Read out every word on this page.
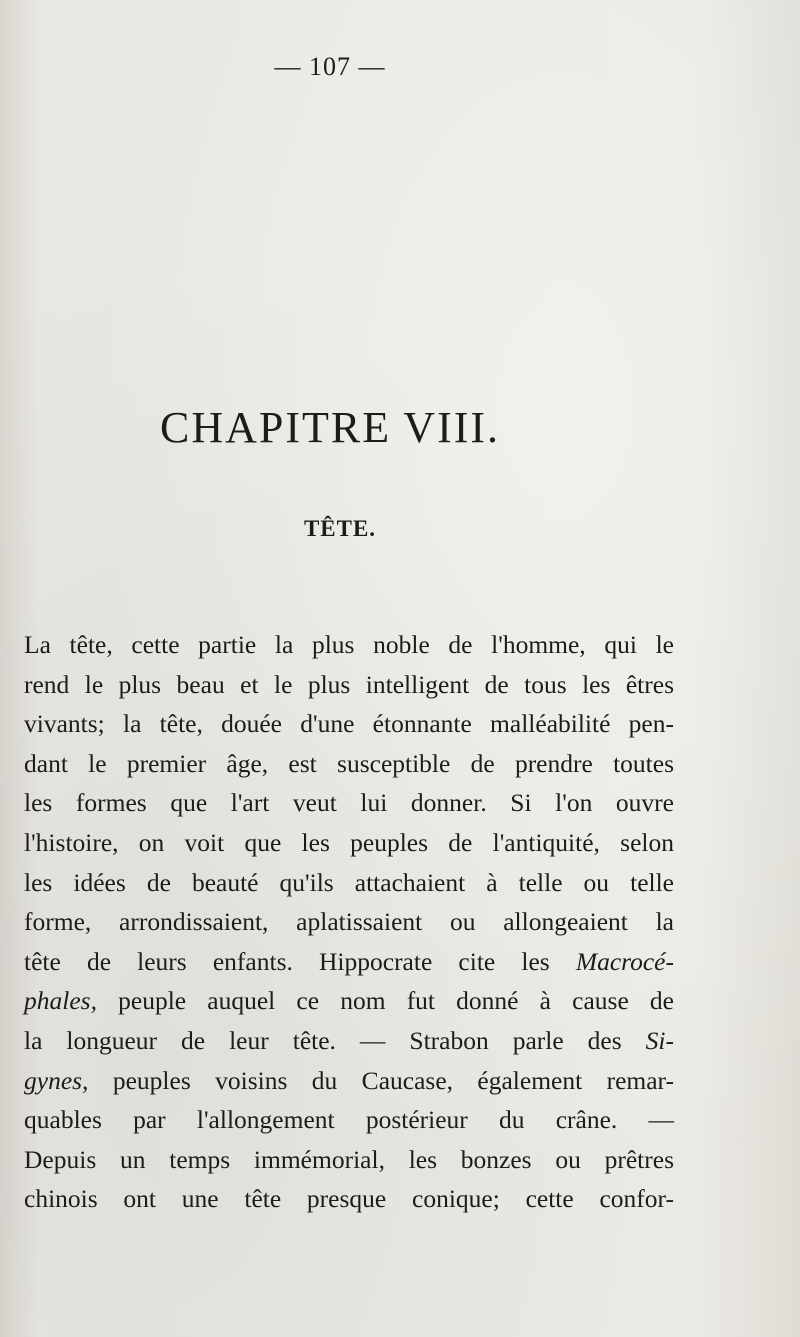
— 107 —
CHAPITRE VIII.
TÊTE.
La tête, cette partie la plus noble de l'homme, qui le
rend le plus beau et le plus intelligent de tous les êtres
vivants; la tête, douée d'une étonnante malléabilité pen-
dant le premier âge, est susceptible de prendre toutes
les formes que l'art veut lui donner. Si l'on ouvre
l'histoire, on voit que les peuples de l'antiquité, selon
les idées de beauté qu'ils attachaient à telle ou telle
forme, arrondissaient, aplatissaient ou allongeaient la
tête de leurs enfants. Hippocrate cite les Macrocé-
phales, peuple auquel ce nom fut donné à cause de
la longueur de leur tête. — Strabon parle des Si-
gynes, peuples voisins du Caucase, également remar-
quables par l'allongement postérieur du crâne. —
Depuis un temps immémorial, les bonzes ou prêtres
chinois ont une tête presque conique; cette confor-
